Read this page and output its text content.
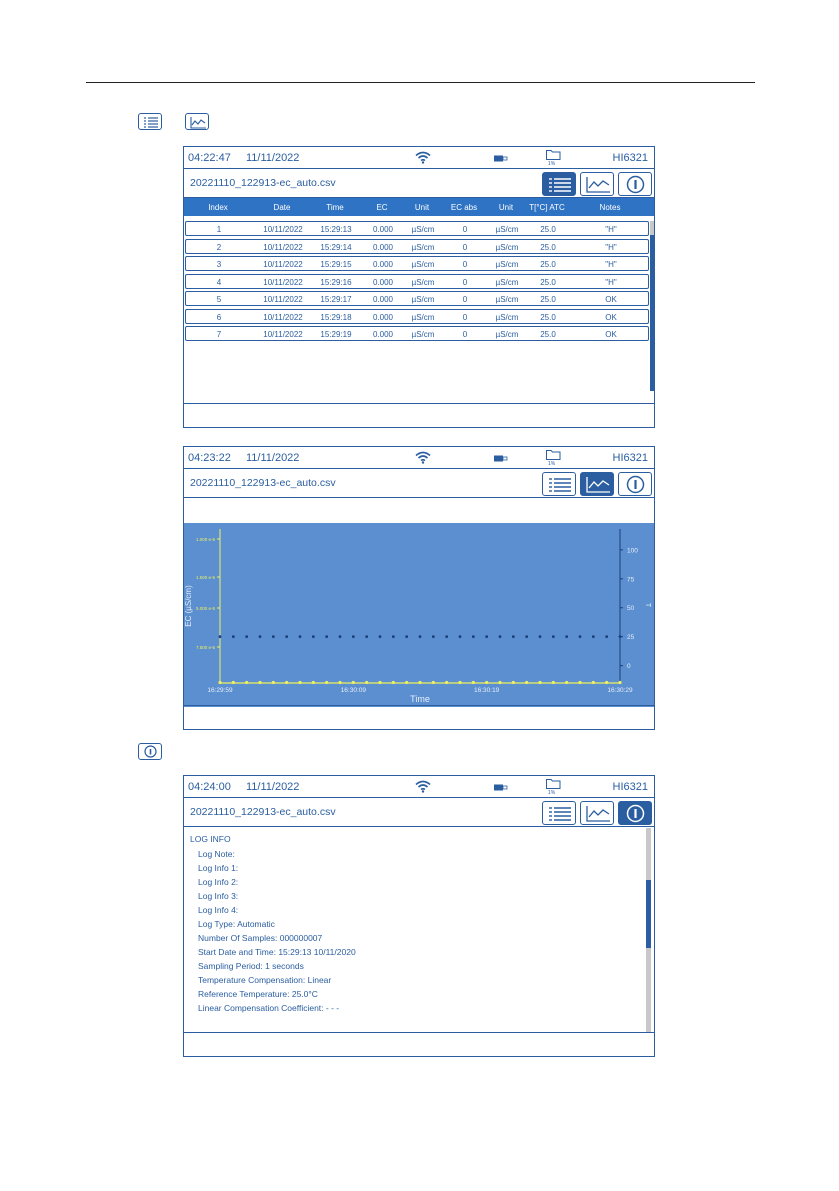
04:22:47 11/11/2022	1%	HI6321
20221110_122913-ec_auto.csv
Index	Date	Time	EC	Unit	EC abs	Unit T[°C] ATC	Notes
1	10/11/2022 15:29:13	0.000 µS/cm	0	µS/cm	25.0	"H"
2	10/11/2022 15:29:14	0.000 µS/cm	0	µS/cm	25.0	"H"
3	10/11/2022 15:29:15	0.000 µS/cm	0	µS/cm	25.0	"H"
4	10/11/2022 15:29:16	0.000 µS/cm	0	µS/cm	25.0	"H"
5	10/11/2022 15:29:17	0.000 µS/cm	0	µS/cm	25.0	OK
6	10/11/2022 15:29:18	0.000 µS/cm	0	µS/cm	25.0	OK
7	10/11/2022 15:29:19	0.000 µS/cm	0	µS/cm	25.0	OK
04:23:22 11/11/2022	1%	HI6321
20221110_122913-ec_auto.csv
1.000 e-5
1.500 e-5
5.000 e-5
7.500 e-5
100
75
50
25
0
16:29:59	16:30:09	16:30:19	16:30:29
Time
EC (µS/cm)	T
04:24:00 11/11/2022	1%	HI6321
20221110_122913-ec_auto.csv
LOG INFO
Log Note:
Log Info 1:
Log Info 2:
Log Info 3:
Log Info 4:
Log Type: Automatic
Number Of Samples: 000000007
Start Date and Time: 15:29:13 10/11/2020
Sampling Period: 1 seconds
Temperature Compensation: Linear
Reference Temperature: 25.0°C
Linear Compensation Coefficient: - - -
